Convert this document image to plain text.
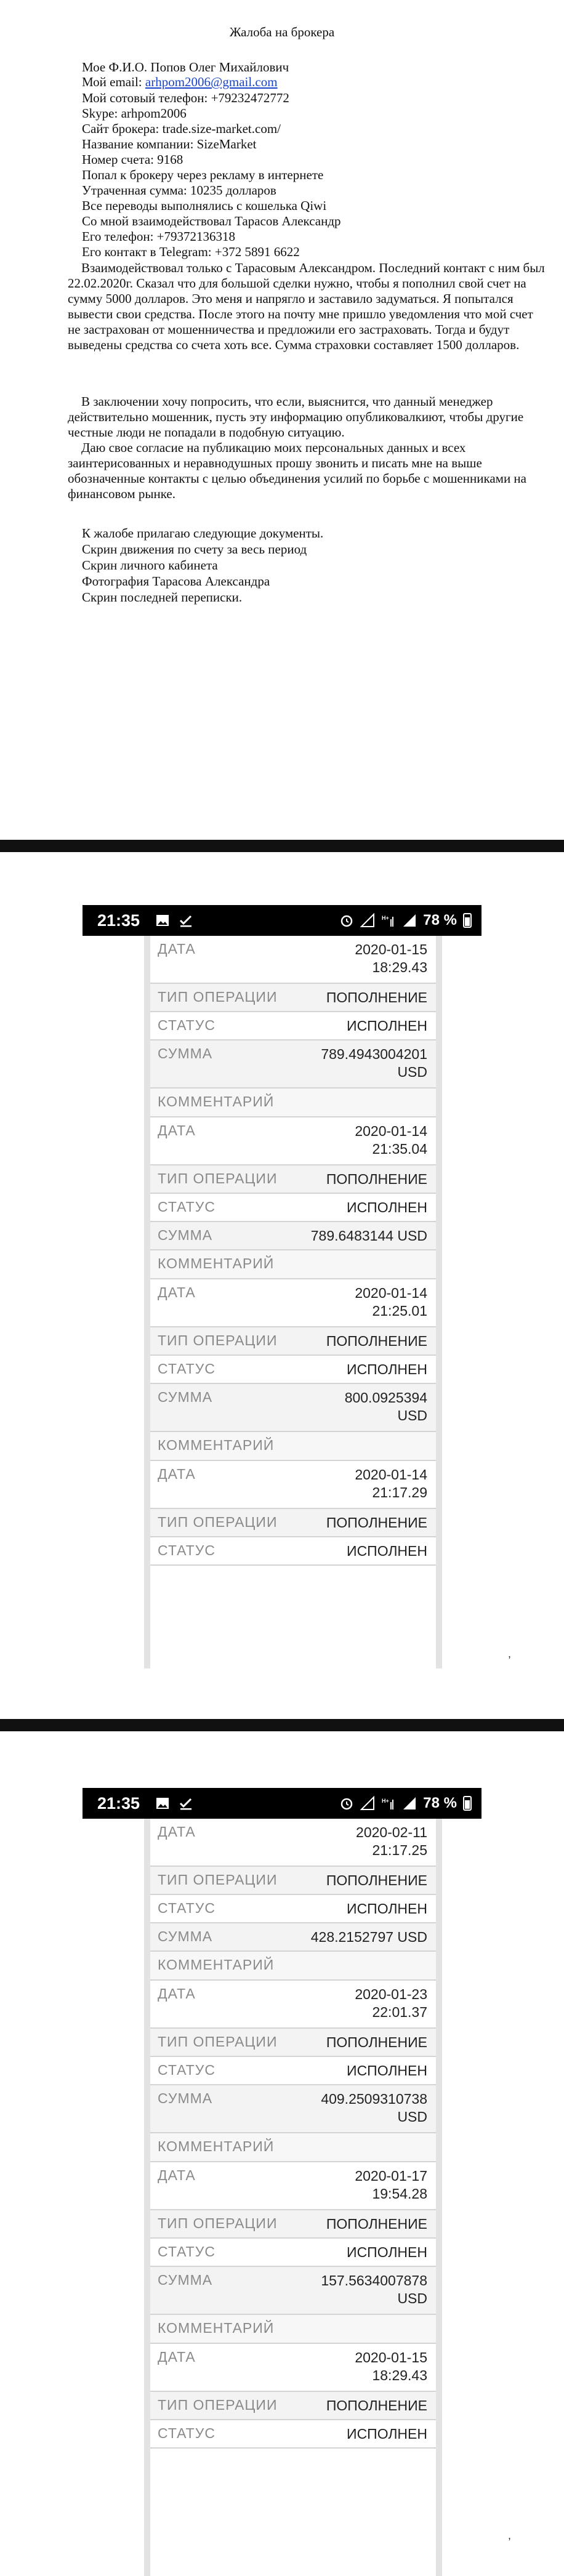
Жалоба на брокера
Мое Ф.И.О. Попов Олег Михайлович
Мой email: arhpom2006@gmail.com
Мой сотовый телефон: +79232472772
Skype: arhpom2006
Сайт брокера: trade.size-market.com/
Название компании: SizeMarket
Номер счета: 9168
Попал к брокеру через рекламу в интернете
Утраченная сумма: 10235 долларов
Все переводы выполнялись с кошелька Qiwi
Со мной взаимодействовал Тарасов Александр
Его телефон: +79372136318
Его контакт в Telegram: +372 5891 6622
Взаимодействовал только с Тарасовым Александром. Последний контакт с ним был 22.02.2020г. Сказал что для большой сделки нужно, чтобы я пополнил свой счет на сумму 5000 долларов. Это меня и напрягло и заставило задуматься. Я попытался вывести свои средства. После этого на почту мне пришло уведомления что мой счет не застрахован от мошенничества и предложили его застраховать. Тогда и будут выведены средства со счета хоть все. Сумма страховки составляет 1500 долларов.
В заключении хочу попросить, что если, выяснится, что данный менеджер действительно мошенник, пусть эту информацию опубликовалкиют, чтобы другие честные люди не попадали в подобную ситуацию.
Даю свое согласие на публикацию моих персональных данных и всех заинтерисованных и неравнодушных прошу звонить и писать мне на выше обозначенные контакты с целью объединения усилий по борьбе с мошенниками на финансовом рынке.
К жалобе прилагаю следующие документы.
Скрин движения по счету за весь период
Скрин личного кабинета
Фотография Тарасова Александра
Скрин последней переписки.
21:35	H+ 78 %
ДАТА	2020-01-15
18:29.43
ТИП ОПЕРАЦИИ	ПОПОЛНЕНИЕ
СТАТУС	ИСПОЛНЕН
СУММА	789.4943004201
USD
КОММЕНТАРИЙ
ДАТА	2020-01-14
21:35.04
ТИП ОПЕРАЦИИ	ПОПОЛНЕНИЕ
СТАТУС	ИСПОЛНЕН
СУММА	789.6483144 USD
КОММЕНТАРИЙ
ДАТА	2020-01-14
21:25.01
ТИП ОПЕРАЦИИ	ПОПОЛНЕНИЕ
СТАТУС	ИСПОЛНЕН
СУММА	800.0925394
USD
КОММЕНТАРИЙ
ДАТА	2020-01-14
21:17.29
ТИП ОПЕРАЦИИ	ПОПОЛНЕНИЕ
СТАТУС	ИСПОЛНЕН
,
21:35	H+ 78 %
ДАТА	2020-02-11
21:17.25
ТИП ОПЕРАЦИИ	ПОПОЛНЕНИЕ
СТАТУС	ИСПОЛНЕН
СУММА	428.2152797 USD
КОММЕНТАРИЙ
ДАТА	2020-01-23
22:01.37
ТИП ОПЕРАЦИИ	ПОПОЛНЕНИЕ
СТАТУС	ИСПОЛНЕН
СУММА	409.2509310738
USD
КОММЕНТАРИЙ
ДАТА	2020-01-17
19:54.28
ТИП ОПЕРАЦИИ	ПОПОЛНЕНИЕ
СТАТУС	ИСПОЛНЕН
СУММА	157.5634007878
USD
КОММЕНТАРИЙ
ДАТА	2020-01-15
18:29.43
ТИП ОПЕРАЦИИ	ПОПОЛНЕНИЕ
СТАТУС	ИСПОЛНЕН
,
